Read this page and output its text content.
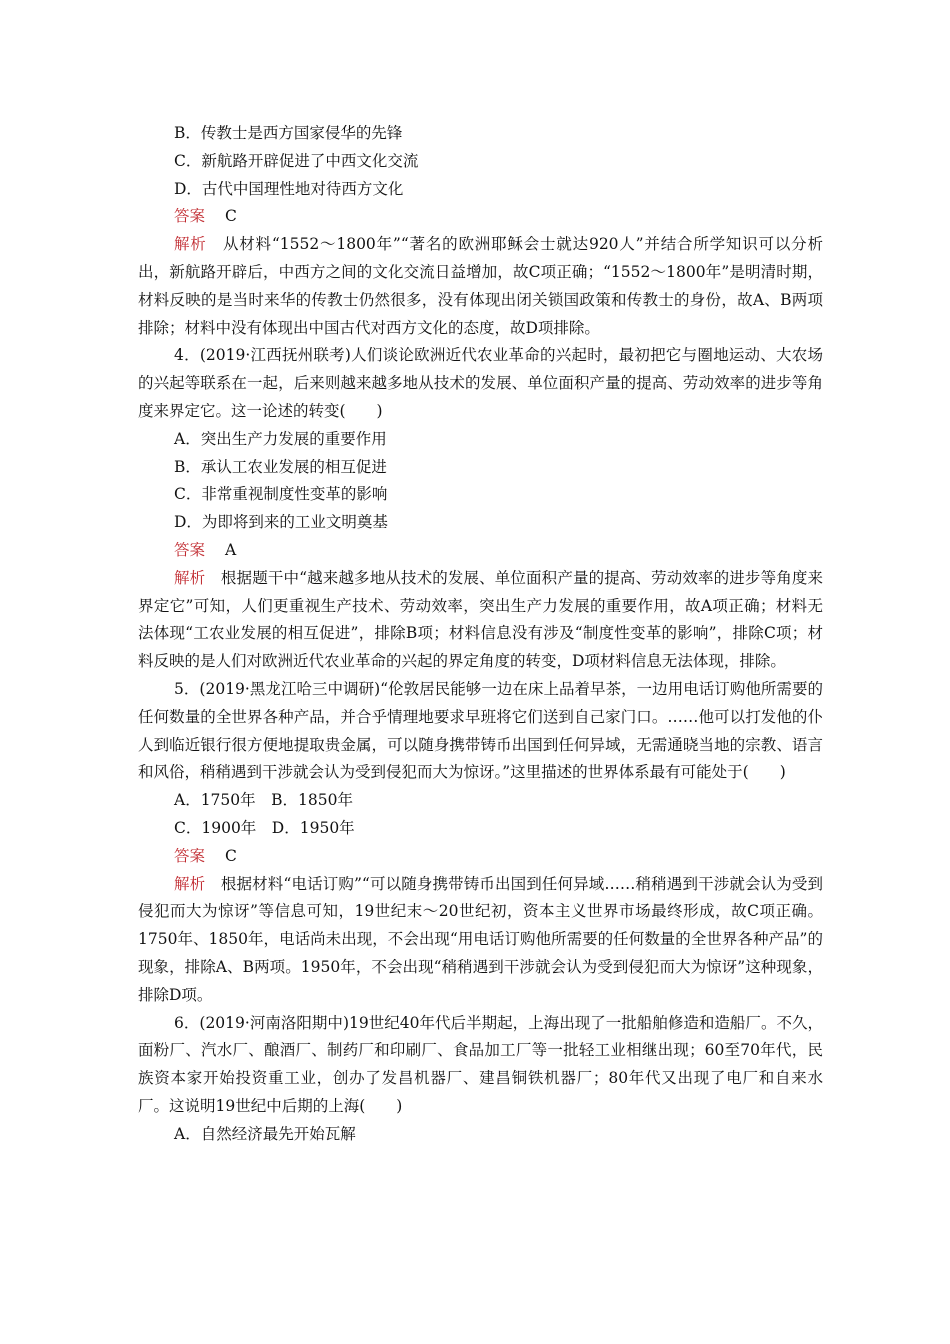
B．传教士是西方国家侵华的先锋
C．新航路开辟促进了中西文化交流
D．古代中国理性地对待西方文化
答案 C
解析　 从材料“1552～1800年”“著名的欧洲耶稣会士就达920人”并结合所学知识可以分析出，新航路开辟后，中西方之间的文化交流日益增加，故C项正确；“1552～1800年”是明清时期，材料反映的是当时来华的传教士仍然很多，没有体现出闭关锁国政策和传教士的身份，故A、B两项排除；材料中没有体现出中国古代对西方文化的态度，故D项排除。
4．(2019·江西抚州联考)人们谈论欧洲近代农业革命的兴起时，最初把它与圈地运动、大农场的兴起等联系在一起，后来则越来越多地从技术的发展、单位面积产量的提高、劳动效率的进步等角度来界定它。这一论述的转变(　　)
A．突出生产力发展的重要作用
B．承认工农业发展的相互促进
C．非常重视制度性变革的影响
D．为即将到来的工业文明奠基
答案 A
解析　 根据题干中“越来越多地从技术的发展、单位面积产量的提高、劳动效率的进步等角度来界定它”可知，人们更重视生产技术、劳动效率，突出生产力发展的重要作用，故A项正确；材料无法体现“工农业发展的相互促进”，排除B项；材料信息没有涉及“制度性变革的影响”，排除C项；材料反映的是人们对欧洲近代农业革命的兴起的界定角度的转变，D项材料信息无法体现，排除。
5．(2019·黑龙江哈三中调研)“伦敦居民能够一边在床上品着早茶，一边用电话订购他所需要的任何数量的全世界各种产品，并合乎情理地要求早班将它们送到自己家门口。……他可以打发他的仆人到临近银行很方便地提取贵金属，可以随身携带铸币出国到任何异域，无需通晓当地的宗教、语言和风俗，稍稍遇到干涉就会认为受到侵犯而大为惊讶。”这里描述的世界体系最有可能处于(　　)
A．1750年　B．1850年
C．1900年　D．1950年
答案 C
解析　 根据材料“电话订购”“可以随身携带铸币出国到任何异域……稍稍遇到干涉就会认为受到侵犯而大为惊讶”等信息可知，19世纪末～20世纪初，资本主义世界市场最终形成，故C项正确。1750年、1850年，电话尚未出现，不会出现“用电话订购他所需要的任何数量的全世界各种产品”的现象，排除A、B两项。1950年，不会出现“稍稍遇到干涉就会认为受到侵犯而大为惊讶”这种现象，排除D项。
6．(2019·河南洛阳期中)19世纪40年代后半期起，上海出现了一批船舶修造和造船厂。不久，面粉厂、汽水厂、酿酒厂、制药厂和印刷厂、食品加工厂等一批轻工业相继出现；60至70年代，民族资本家开始投资重工业，创办了发昌机器厂、建昌铜铁机器厂；80年代又出现了电厂和自来水厂。这说明19世纪中后期的上海(　　)
A．自然经济最先开始瓦解
